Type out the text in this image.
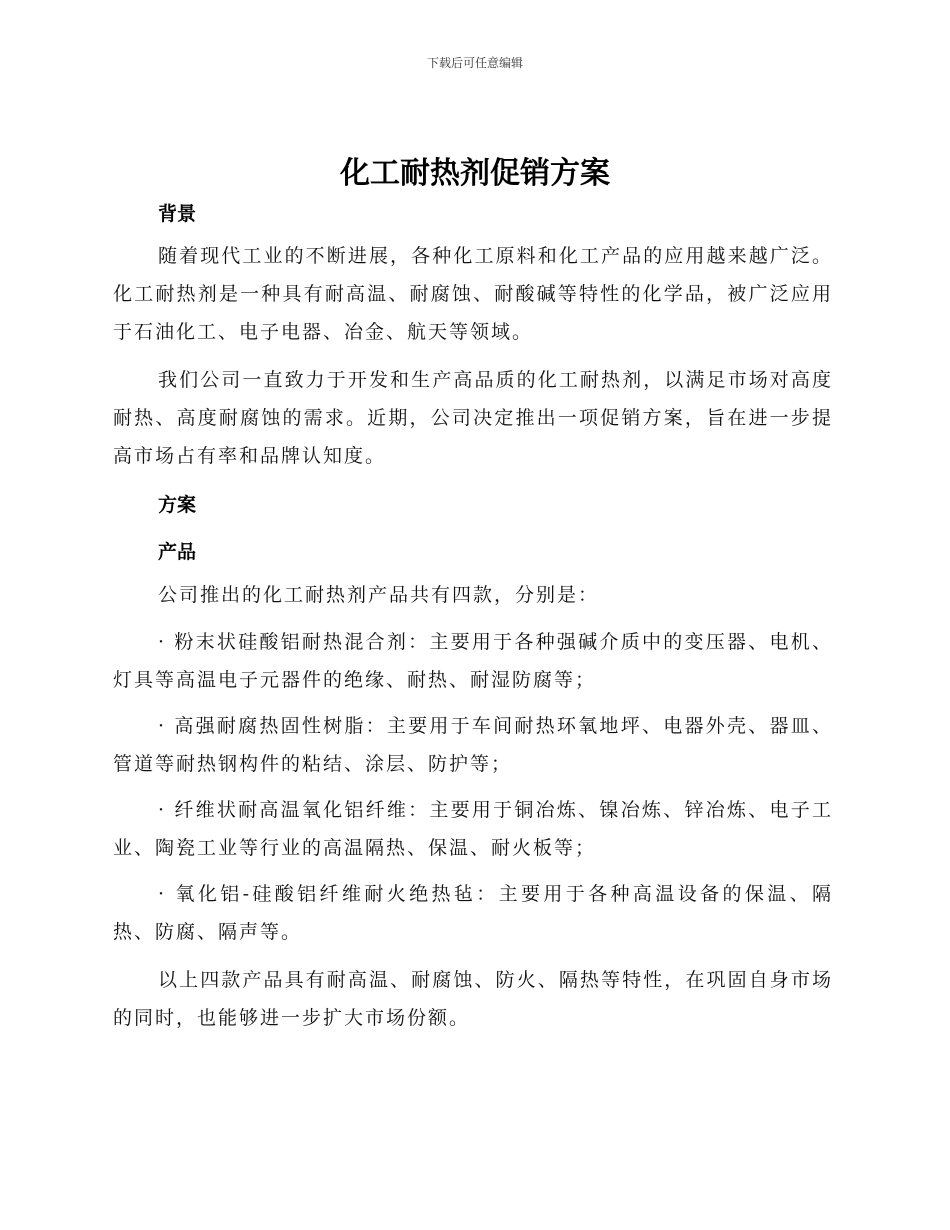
下载后可任意编辑
化工耐热剂促销方案
背景
随着现代工业的不断进展，各种化工原料和化工产品的应用越来越广泛。化工耐热剂是一种具有耐高温、耐腐蚀、耐酸碱等特性的化学品，被广泛应用于石油化工、电子电器、冶金、航天等领域。
我们公司一直致力于开发和生产高品质的化工耐热剂，以满足市场对高度耐热、高度耐腐蚀的需求。近期，公司决定推出一项促销方案，旨在进一步提高市场占有率和品牌认知度。
方案
产品
公司推出的化工耐热剂产品共有四款，分别是：
· 粉末状硅酸铝耐热混合剂：主要用于各种强碱介质中的变压器、电机、灯具等高温电子元器件的绝缘、耐热、耐湿防腐等；
· 高强耐腐热固性树脂：主要用于车间耐热环氧地坪、电器外壳、器皿、管道等耐热钢构件的粘结、涂层、防护等；
· 纤维状耐高温氧化铝纤维：主要用于铜冶炼、镍冶炼、锌冶炼、电子工业、陶瓷工业等行业的高温隔热、保温、耐火板等；
· 氧化铝-硅酸铝纤维耐火绝热毡：主要用于各种高温设备的保温、隔热、防腐、隔声等。
以上四款产品具有耐高温、耐腐蚀、防火、隔热等特性，在巩固自身市场的同时，也能够进一步扩大市场份额。
